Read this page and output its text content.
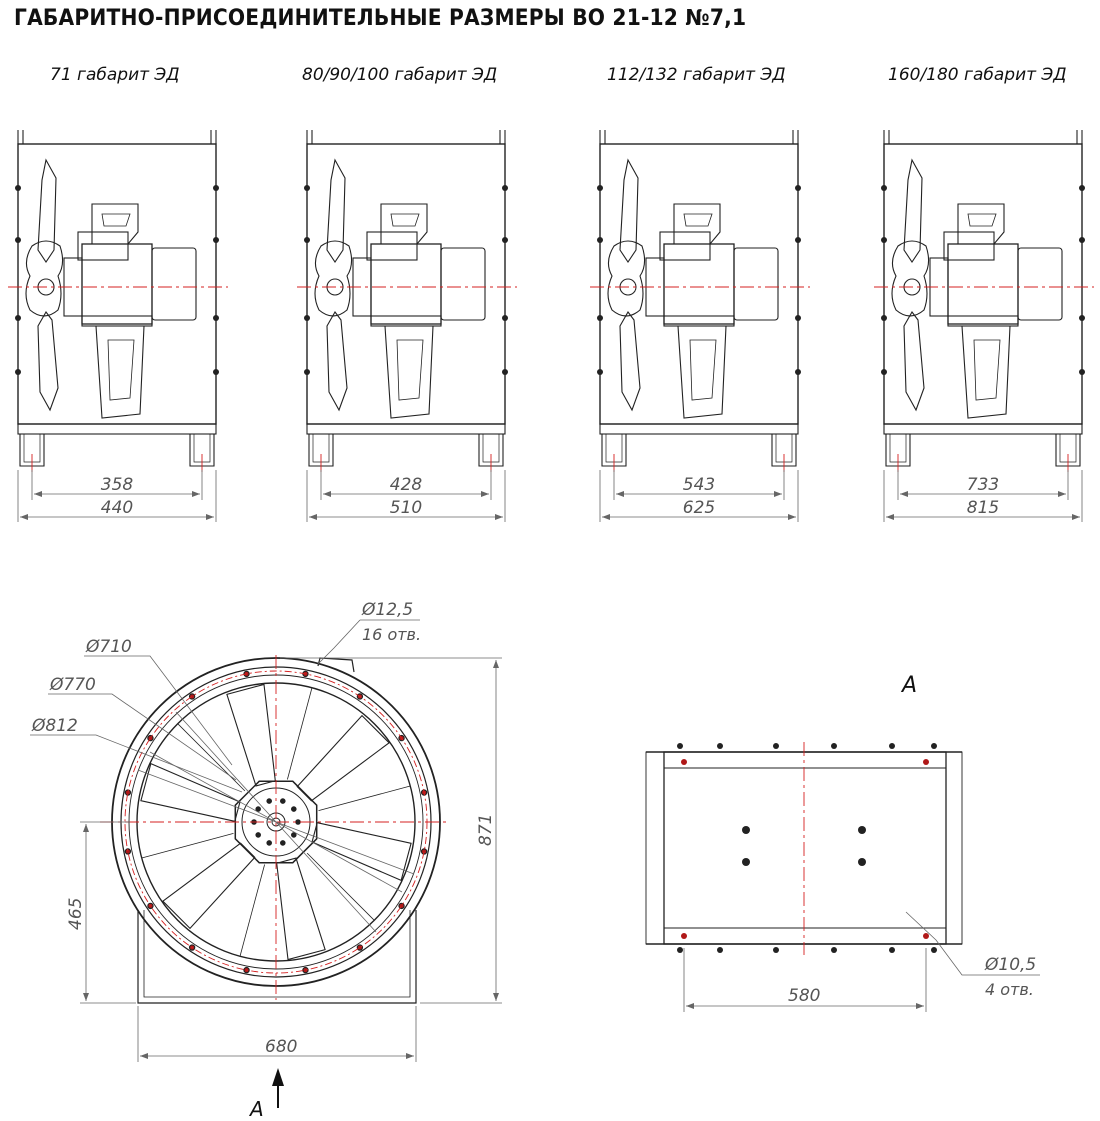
ГАБАРИТНО-ПРИСОЕДИНИТЕЛЬНЫЕ РАЗМЕРЫ ВО 21-12 №7,1
71 габарит ЭД
358
440
80/90/100 габарит ЭД
428
510
112/132 габарит ЭД
543
625
160/180 габарит ЭД
733
815
Ø710
Ø770
Ø812
Ø12,5
16 отв.
871
465
680
А
А
580
Ø10,5
4 отв.
